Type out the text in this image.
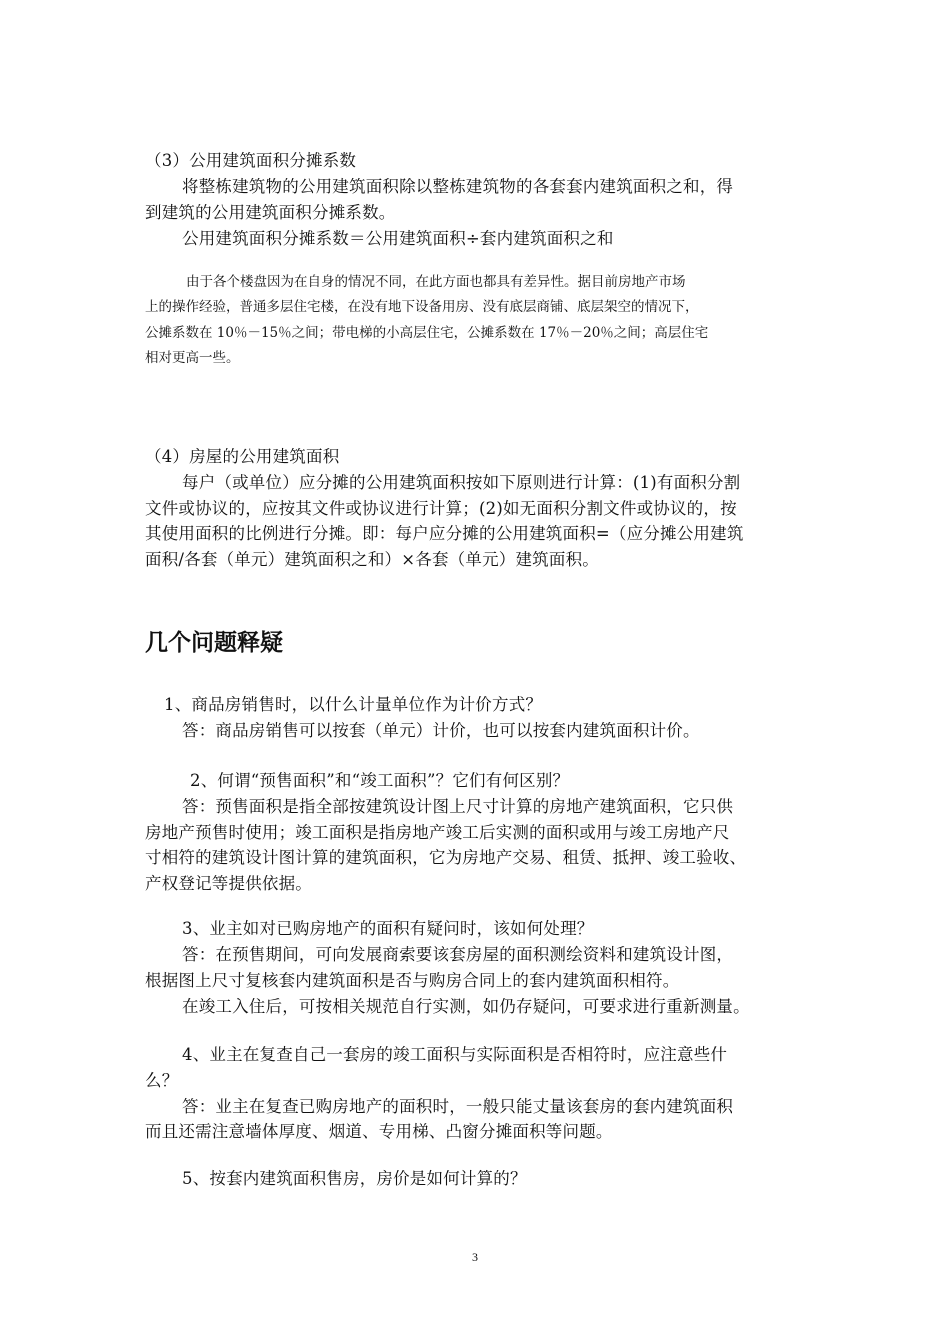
（3）公用建筑面积分摊系数

将整栋建筑物的公用建筑面积除以整栋建筑物的各套套内建筑面积之和，得

到建筑的公用建筑面积分摊系数。

公用建筑面积分摊系数＝公用建筑面积÷套内建筑面积之和

由于各个楼盘因为在自身的情况不同，在此方面也都具有差异性。据目前房地产市场

上的操作经验，普通多层住宅楼，在没有地下设备用房、没有底层商铺、底层架空的情况下，

公摊系数在 10％－15％之间；带电梯的小高层住宅，公摊系数在 17％－20％之间；高层住宅

相对更高一些。

（4）房屋的公用建筑面积

每户（或单位）应分摊的公用建筑面积按如下原则进行计算：(1)有面积分割

文件或协议的，应按其文件或协议进行计算；(2)如无面积分割文件或协议的，按

其使用面积的比例进行分摊。即：每户应分摊的公用建筑面积=（应分摊公用建筑

面积/各套（单元）建筑面积之和）×各套（单元）建筑面积。

几个问题释疑

1、商品房销售时，以什么计量单位作为计价方式？

答：商品房销售可以按套（单元）计价，也可以按套内建筑面积计价。

2、何谓“预售面积”和“竣工面积”？它们有何区别？

答：预售面积是指全部按建筑设计图上尺寸计算的房地产建筑面积，它只供

房地产预售时使用；竣工面积是指房地产竣工后实测的面积或用与竣工房地产尺

寸相符的建筑设计图计算的建筑面积，它为房地产交易、租赁、抵押、竣工验收、

产权登记等提供依据。

3、业主如对已购房地产的面积有疑问时，该如何处理？

答：在预售期间，可向发展商索要该套房屋的面积测绘资料和建筑设计图，

根据图上尺寸复核套内建筑面积是否与购房合同上的套内建筑面积相符。

在竣工入住后，可按相关规范自行实测，如仍存疑问，可要求进行重新测量。

4、业主在复查自己一套房的竣工面积与实际面积是否相符时，应注意些什

么？

答：业主在复查已购房地产的面积时，一般只能丈量该套房的套内建筑面积

而且还需注意墙体厚度、烟道、专用梯、凸窗分摊面积等问题。

5、按套内建筑面积售房，房价是如何计算的？

3
